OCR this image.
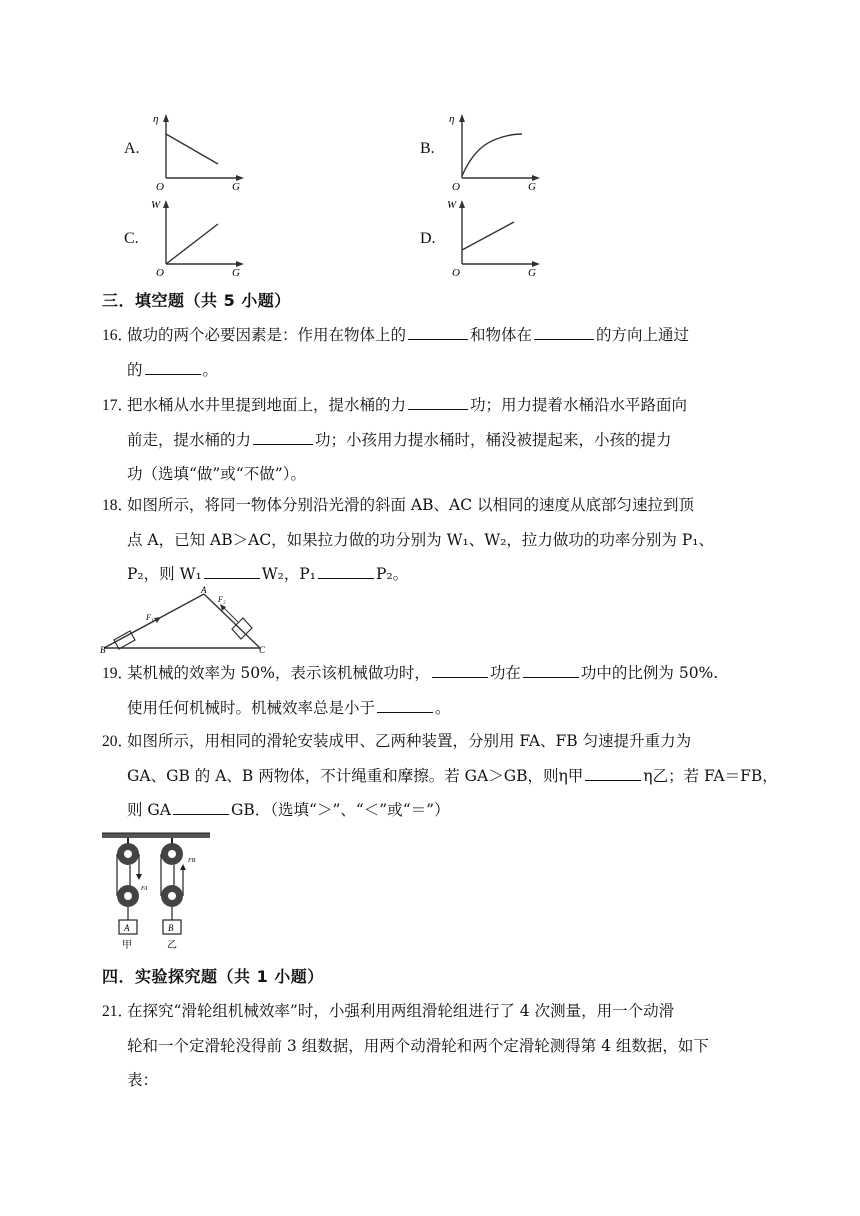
A.
η
O	G
B.
η
O	G
C.
W
O	G
D.
W
O	G
三．填空题（共 5 小题）
16．做功的两个必要因素是：作用在物体上的	和物体在	的方向上通过
的	。
17．把水桶从水井里提到地面上，提水桶的力	功；用力提着水桶沿水平路面向
前走，提水桶的力	功；小孩用力提水桶时，桶没被提起来，小孩的提力
功（选填“做”或“不做”）。
18．如图所示，将同一物体分别沿光滑的斜面 AB、AC 以相同的速度从底部匀速拉到顶
点 A，已知 AB＞AC，如果拉力做的功分别为 W₁、W₂，拉力做功的功率分别为 P₁、
P₂，则 W₁	W₂，P₁	P₂。
A
B	C
F₁
F₂
19．某机械的效率为 50%，表示该机械做功时，	功在	功中的比例为 50%.
使用任何机械时。机械效率总是小于	。
20．如图所示，用相同的滑轮安装成甲、乙两种装置，分别用 FA、FB 匀速提升重力为
GA、GB 的 A、B 两物体，不计绳重和摩擦。若 GA＞GB，则η甲	η乙；若 FA＝FB，
则 GA	GB．（选填“＞”、“＜”或“＝”）
A
甲
FA
B
乙
FB
四．实验探究题（共 1 小题）
21．在探究“滑轮组机械效率”时，小强利用两组滑轮组进行了 4 次测量，用一个动滑
轮和一个定滑轮没得前 3 组数据，用两个动滑轮和两个定滑轮测得第 4 组数据，如下
表：
